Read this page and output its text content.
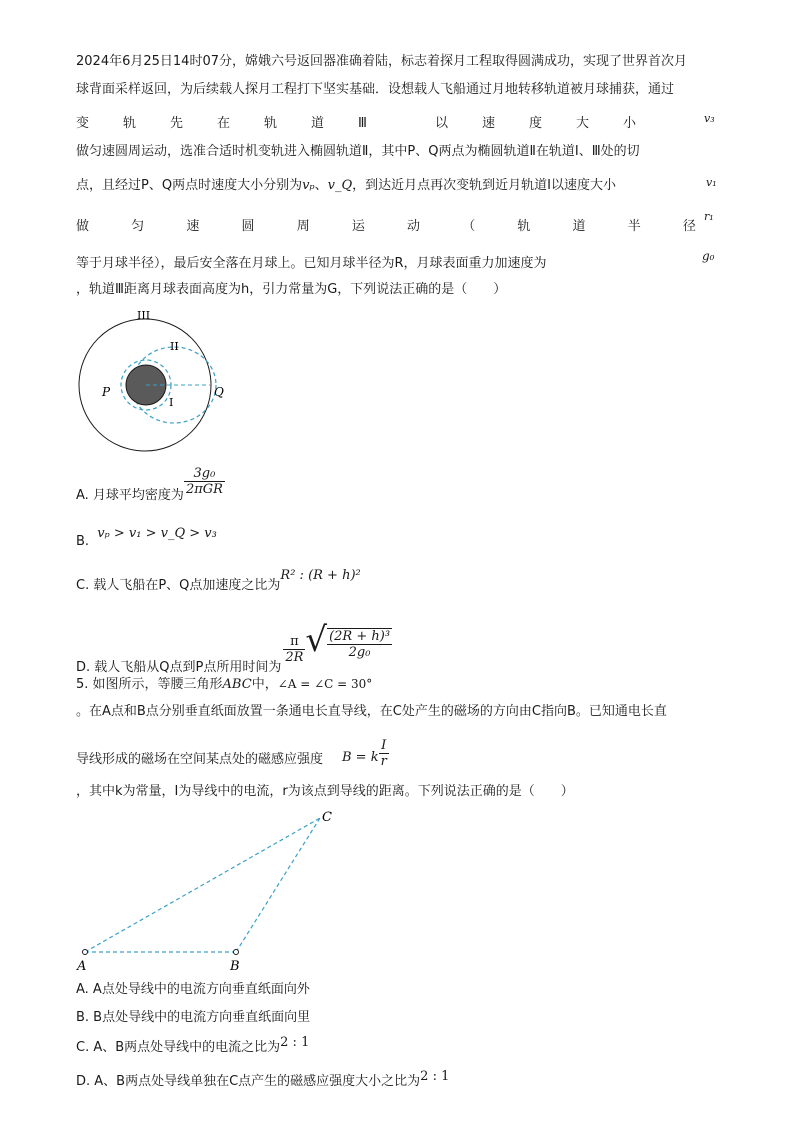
2024年6月25日14时07分，嫦娥六号返回器准确着陆，标志着探月工程取得圆满成功，实现了世界首次月
球背面采样返回，为后续载人探月工程打下坚实基础．设想载人飞船通过月地转移轨道被月球捕获，通过
变	轨	先	在	轨	道	Ⅲ	以	速	度	大	小	v₃
做匀速圆周运动，选准合适时机变轨进入椭圆轨道Ⅱ，其中P、Q两点为椭圆轨道Ⅱ在轨道Ⅰ、Ⅲ处的切
点，且经过P、Q两点时速度大小分别为vₚ、v_Q，到达近月点再次变轨到近月轨道Ⅰ以速度大小	v₁
做	匀	速	圆	周	运	动	（	轨	道	半	径
r₁
等于月球半径），最后安全落在月球上。已知月球半径为R，月球表面重力加速度为	g₀
，轨道Ⅲ距离月球表面高度为h，引力常量为G，下列说法正确的是（　　）
III
II
I
P	Q
A. 月球平均密度为 $\frac{\text{3g₀}}{\text{2πGR}}$
B. vₚ > v₁ > v_Q > v₃
C. 载人飞船在P、Q点加速度之比为R² : (R + h)²
D. 载人飞船从Q点到P点所用时间为
$\frac{\pi}{2R}$ √ $\frac{\text{(2R + h)³}}{\text{2g₀}}$
5. 如图所示，等腰三角形ABC中，∠A = ∠C = 30°
。在A点和B点分别垂直纸面放置一条通电长直导线，在C处产生的磁场的方向由C指向B。已知通电长直
导线形成的磁场在空间某点处的磁感应强度 B = k $\frac{I}{r}$
，其中k为常量，I为导线中的电流，r为该点到导线的距离。下列说法正确的是（　　）
A	B
C
A. A点处导线中的电流方向垂直纸面向外
B. B点处导线中的电流方向垂直纸面向里
C. A、B两点处导线中的电流之比为2 : 1
D. A、B两点处导线单独在C点产生的磁感应强度大小之比为2 : 1
